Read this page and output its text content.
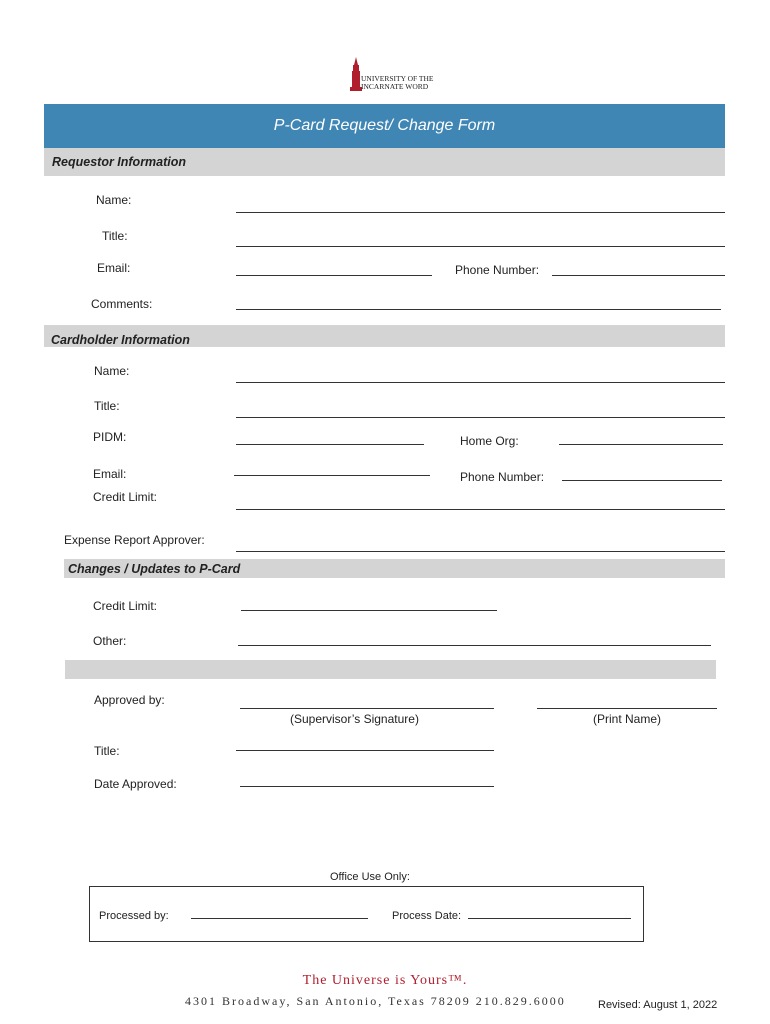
UNIVERSITY OF THE
INCARNATE WORD
P-Card Request/ Change Form
Requestor Information
Name:
Title:
Email:	Phone Number:
Comments:
Cardholder Information
Name:
Title:
PIDM:	Home Org:
Email:	Phone Number:
Credit Limit:
Expense Report Approver:
Changes / Updates to P-Card
Credit Limit:
Other:
Approved by:
(Supervisor’s Signature)	(Print Name)
Title:
Date Approved:
Office Use Only:
Processed by:	Process Date:
The Universe is Yours™.
4301 Broadway, San Antonio, Texas 78209 210.829.6000	Revised: August 1, 2022
